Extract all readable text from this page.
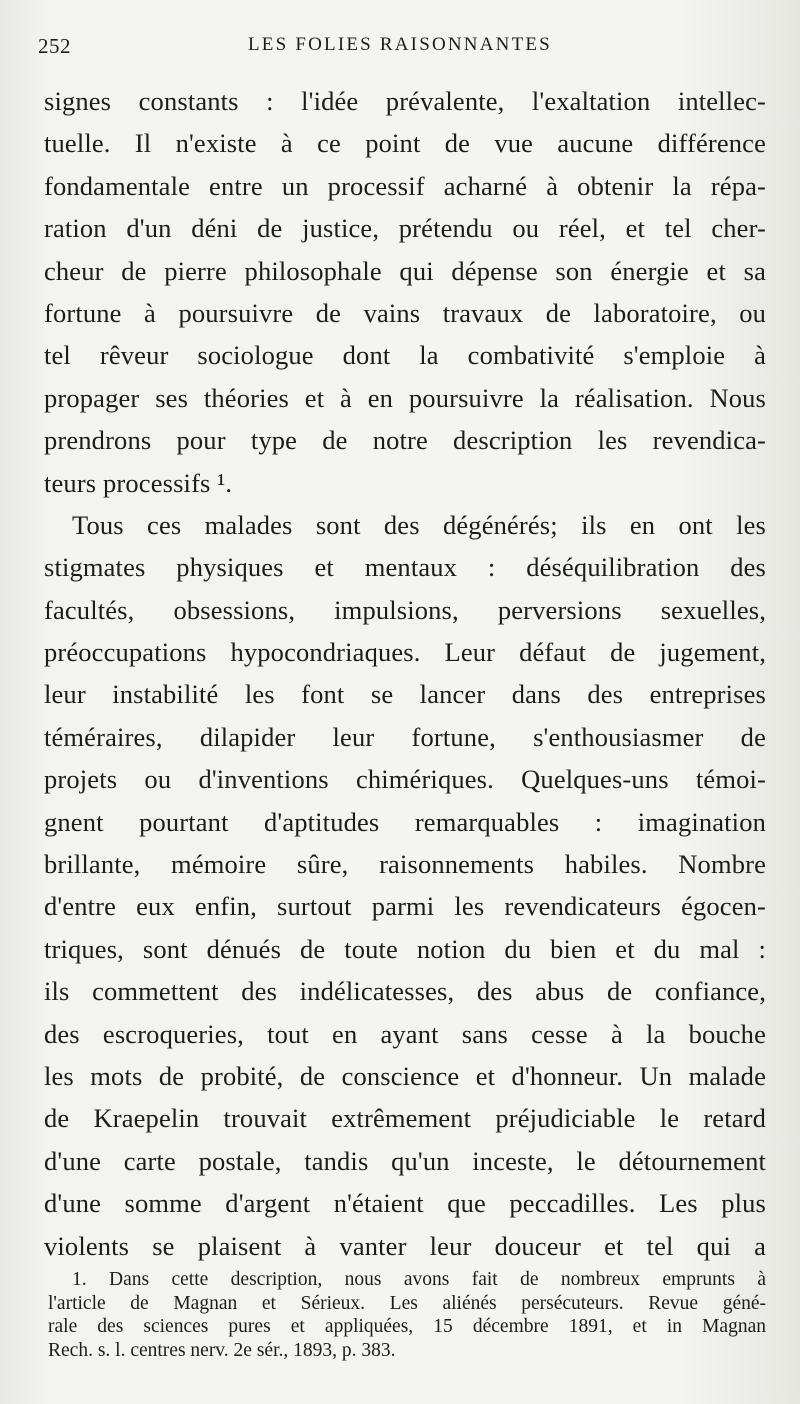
252	LES FOLIES RAISONNANTES
signes constants : l'idée prévalente, l'exaltation intellec-
tuelle. Il n'existe à ce point de vue aucune différence
fondamentale entre un processif acharné à obtenir la répa-
ration d'un déni de justice, prétendu ou réel, et tel cher-
cheur de pierre philosophale qui dépense son énergie et sa
fortune à poursuivre de vains travaux de laboratoire, ou
tel rêveur sociologue dont la combativité s'emploie à
propager ses théories et à en poursuivre la réalisation. Nous
prendrons pour type de notre description les revendica-
teurs processifs ¹.
Tous ces malades sont des dégénérés; ils en ont les
stigmates physiques et mentaux : déséquilibration des
facultés, obsessions, impulsions, perversions sexuelles,
préoccupations hypocondriaques. Leur défaut de jugement,
leur instabilité les font se lancer dans des entreprises
téméraires, dilapider leur fortune, s'enthousiasmer de
projets ou d'inventions chimériques. Quelques-uns témoi-
gnent pourtant d'aptitudes remarquables : imagination
brillante, mémoire sûre, raisonnements habiles. Nombre
d'entre eux enfin, surtout parmi les revendicateurs égocen-
triques, sont dénués de toute notion du bien et du mal :
ils commettent des indélicatesses, des abus de confiance,
des escroqueries, tout en ayant sans cesse à la bouche
les mots de probité, de conscience et d'honneur. Un malade
de Kraepelin trouvait extrêmement préjudiciable le retard
d'une carte postale, tandis qu'un inceste, le détournement
d'une somme d'argent n'étaient que peccadilles. Les plus
violents se plaisent à vanter leur douceur et tel qui a
1. Dans cette description, nous avons fait de nombreux emprunts à
l'article de Magnan et Sérieux. Les aliénés persécuteurs. Revue géné-
rale des sciences pures et appliquées, 15 décembre 1891, et in Magnan
Rech. s. l. centres nerv. 2e sér., 1893, p. 383.
